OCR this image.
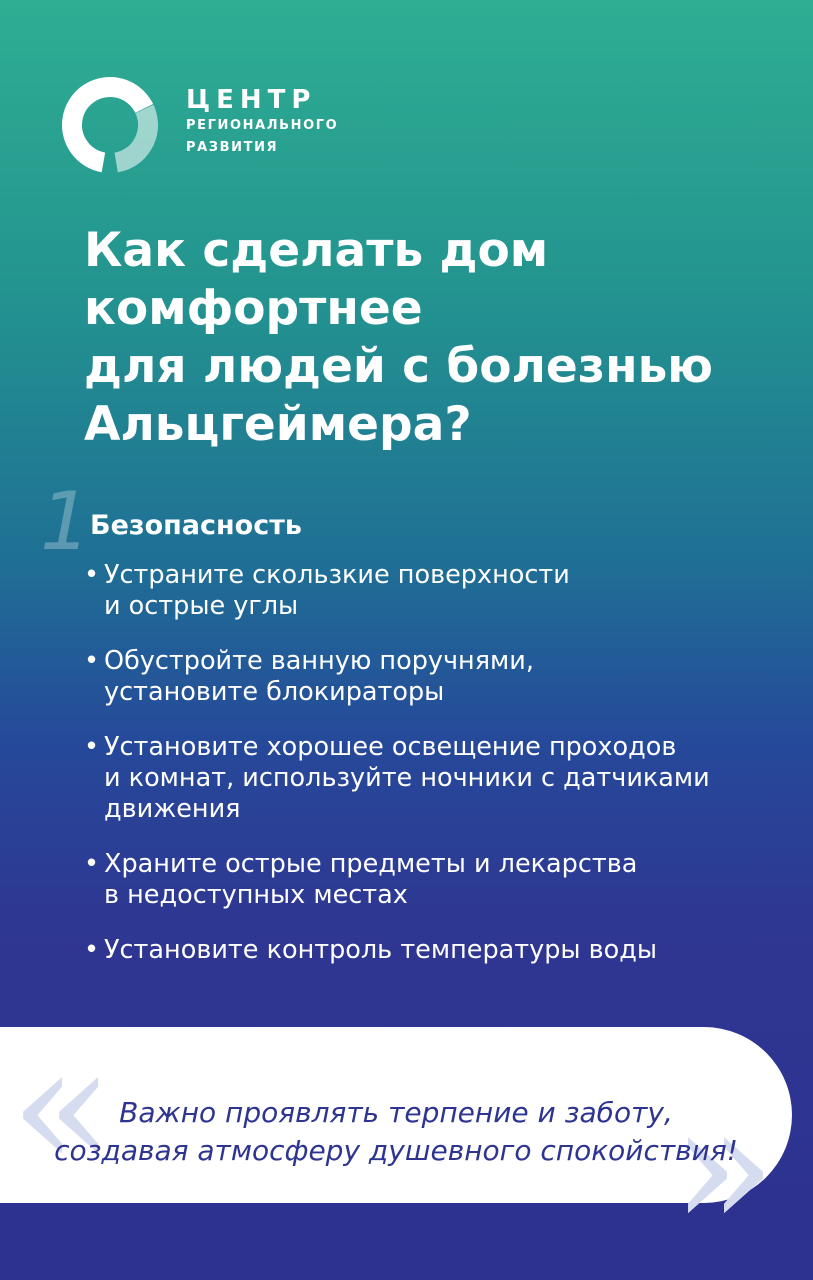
ЦЕНТР
РЕГИОНАЛЬНОГО
РАЗВИТИЯ
Как сделать дом
комфортнее
для людей с болезнью
Альцгеймера?
1 Безопасность
• Устраните скользкие поверхности
и острые углы
• Обустройте ванную поручнями,
установите блокираторы
• Установите хорошее освещение проходов
и комнат, используйте ночники с датчиками
движения
• Храните острые предметы и лекарства
в недоступных местах
• Установите контроль температуры воды
«	»
Важно проявлять терпение и заботу,
создавая атмосферу душевного спокойствия!
